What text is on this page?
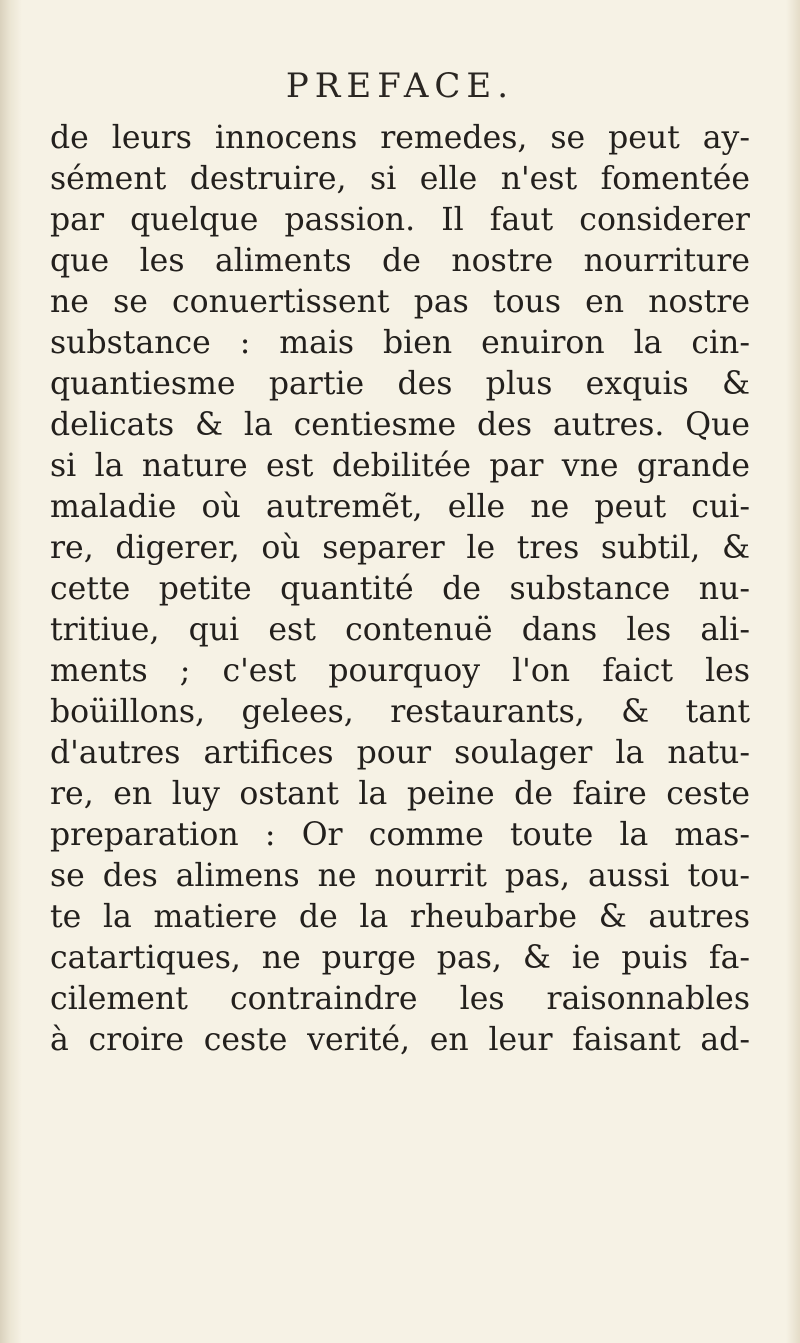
PREFACE.
de leurs innocens remedes, se peut ay-
sément destruire, si elle n'est fomentée
par quelque passion. Il faut considerer
que les aliments de nostre nourriture
ne se conuertissent pas tous en nostre
substance : mais bien enuiron la cin-
quantiesme partie des plus exquis &
delicats & la centiesme des autres. Que
si la nature est debilitée par vne grande
maladie où autremẽt, elle ne peut cui-
re, digerer, où separer le tres subtil, &
cette petite quantité de substance nu-
tritiue, qui est contenuë dans les ali-
ments ; c'est pourquoy l'on faict les
boüillons, gelees, restaurants, & tant
d'autres artifices pour soulager la natu-
re, en luy ostant la peine de faire ceste
preparation : Or comme toute la mas-
se des alimens ne nourrit pas, aussi tou-
te la matiere de la rheubarbe & autres
catartiques, ne purge pas, & ie puis fa-
cilement contraindre les raisonnables
à croire ceste verité, en leur faisant ad-
